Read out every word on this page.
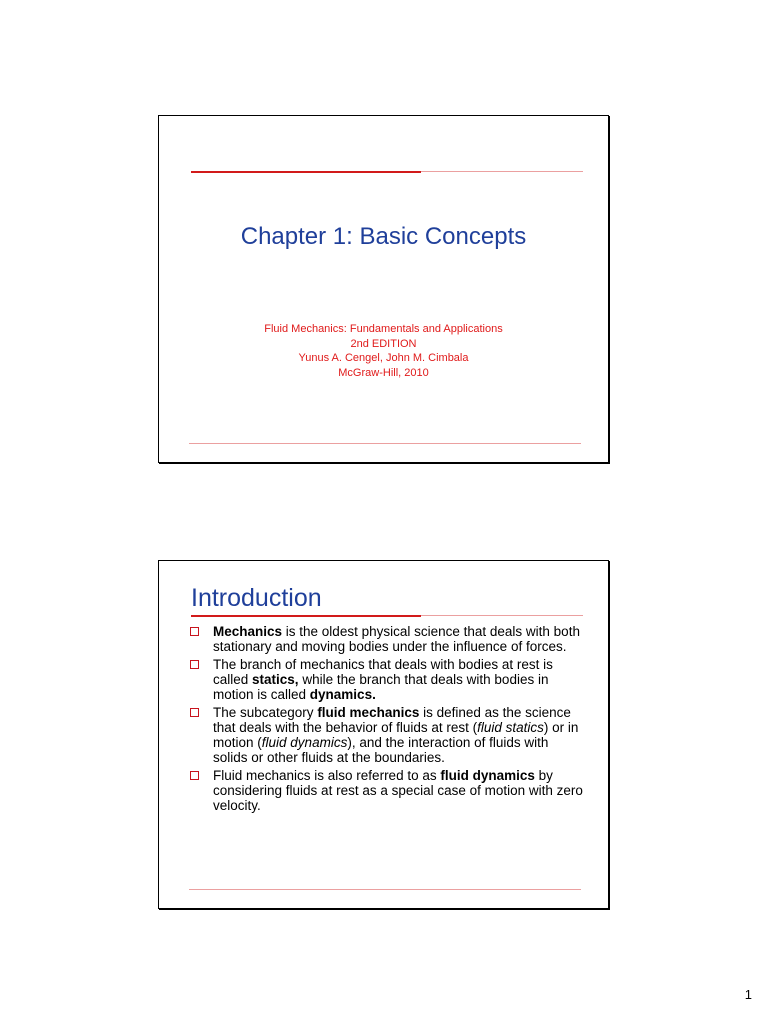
Chapter 1: Basic Concepts
Fluid Mechanics: Fundamentals and Applications
2nd EDITION
Yunus A. Cengel, John M. Cimbala
McGraw-Hill, 2010
Introduction
Mechanics is the oldest physical science that deals with both stationary and moving bodies under the influence of forces.
The branch of mechanics that deals with bodies at rest is called statics, while the branch that deals with bodies in motion is called dynamics.
The subcategory fluid mechanics is defined as the science that deals with the behavior of fluids at rest (fluid statics) or in motion (fluid dynamics), and the interaction of fluids with solids or other fluids at the boundaries.
Fluid mechanics is also referred to as fluid dynamics by considering fluids at rest as a special case of motion with zero velocity.
1
